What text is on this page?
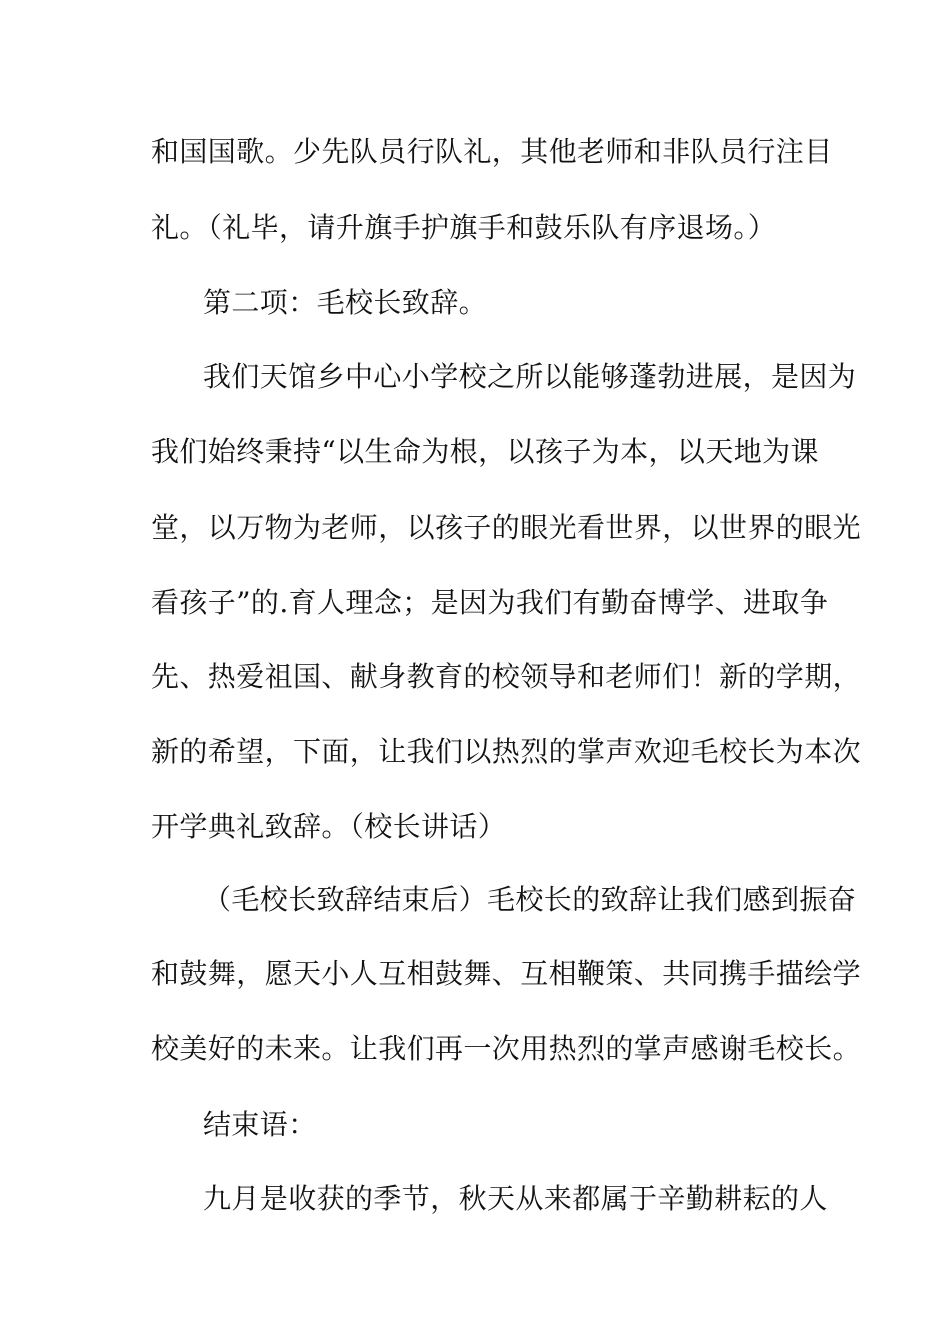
和国国歌。少先队员行队礼，其他老师和非队员行注目
礼。（礼毕，请升旗手护旗手和鼓乐队有序退场。）
第二项：毛校长致辞。
我们天馆乡中心小学校之所以能够蓬勃进展，是因为
我们始终秉持“以生命为根，以孩子为本，以天地为课
堂，以万物为老师，以孩子的眼光看世界，以世界的眼光
看孩子”的.育人理念；是因为我们有勤奋博学、进取争
先、热爱祖国、献身教育的校领导和老师们！新的学期，
新的希望，下面，让我们以热烈的掌声欢迎毛校长为本次
开学典礼致辞。（校长讲话）
（毛校长致辞结束后）毛校长的致辞让我们感到振奋
和鼓舞，愿天小人互相鼓舞、互相鞭策、共同携手描绘学
校美好的未来。让我们再一次用热烈的掌声感谢毛校长。
结束语：
九月是收获的季节，秋天从来都属于辛勤耕耘的人
